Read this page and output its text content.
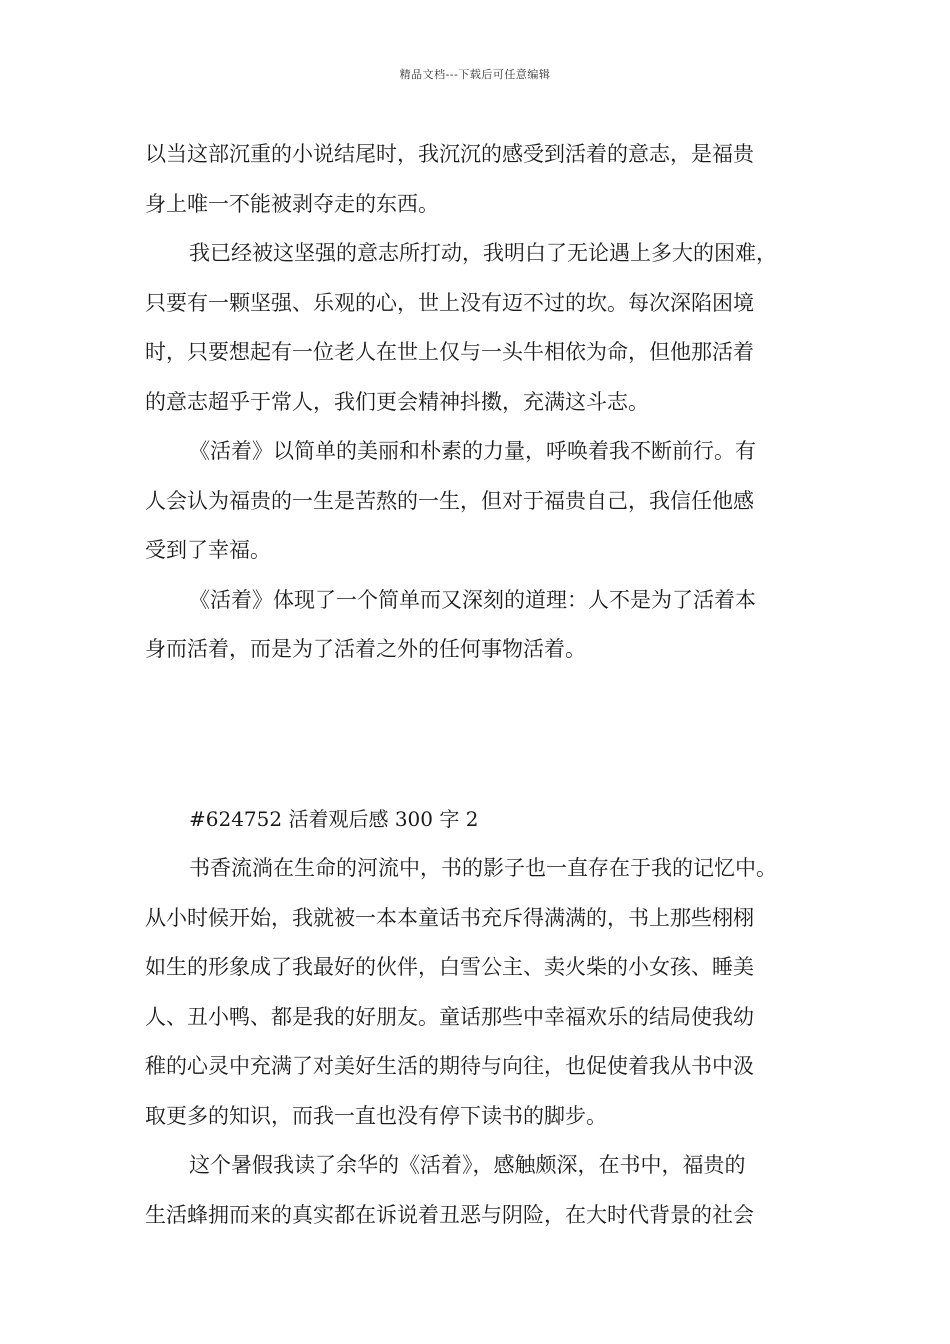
精品文档---下载后可任意编辑

以当这部沉重的小说结尾时，我沉沉的感受到活着的意志，是福贵
身上唯一不能被剥夺走的东西。

我已经被这坚强的意志所打动，我明白了无论遇上多大的困难，
只要有一颗坚强、乐观的心，世上没有迈不过的坎。每次深陷困境
时，只要想起有一位老人在世上仅与一头牛相依为命，但他那活着
的意志超乎于常人，我们更会精神抖擞，充满这斗志。

《活着》以简单的美丽和朴素的力量，呼唤着我不断前行。有
人会认为福贵的一生是苦熬的一生，但对于福贵自己，我信任他感
受到了幸福。

《活着》体现了一个简单而又深刻的道理：人不是为了活着本
身而活着，而是为了活着之外的任何事物活着。

#624752 活着观后感 300 字 2

书香流淌在生命的河流中，书的影子也一直存在于我的记忆中。
从小时候开始，我就被一本本童话书充斥得满满的，书上那些栩栩
如生的形象成了我最好的伙伴，白雪公主、卖火柴的小女孩、睡美
人、丑小鸭、都是我的好朋友。童话那些中幸福欢乐的结局使我幼
稚的心灵中充满了对美好生活的期待与向往，也促使着我从书中汲
取更多的知识，而我一直也没有停下读书的脚步。

这个暑假我读了余华的《活着》，感触颇深，在书中，福贵的
生活蜂拥而来的真实都在诉说着丑恶与阴险，在大时代背景的社会
